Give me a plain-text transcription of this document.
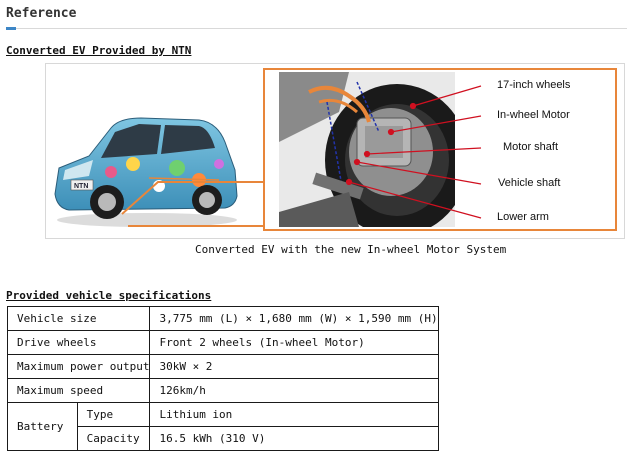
Reference
Converted EV Provided by NTN
NTN
17-inch wheels
In-wheel Motor
Motor shaft
Vehicle shaft
Lower arm
Converted EV with the new In-wheel Motor System
Provided vehicle specifications
Vehicle size		3,775 mm (L) × 1,680 mm (W) × 1,590 mm (H)
Drive wheels		Front 2 wheels (In-wheel Motor)
Maximum power output		30kW × 2
Maximum speed		126km/h
Battery	Type	Lithium ion
	Capacity	16.5 kWh (310 V)
